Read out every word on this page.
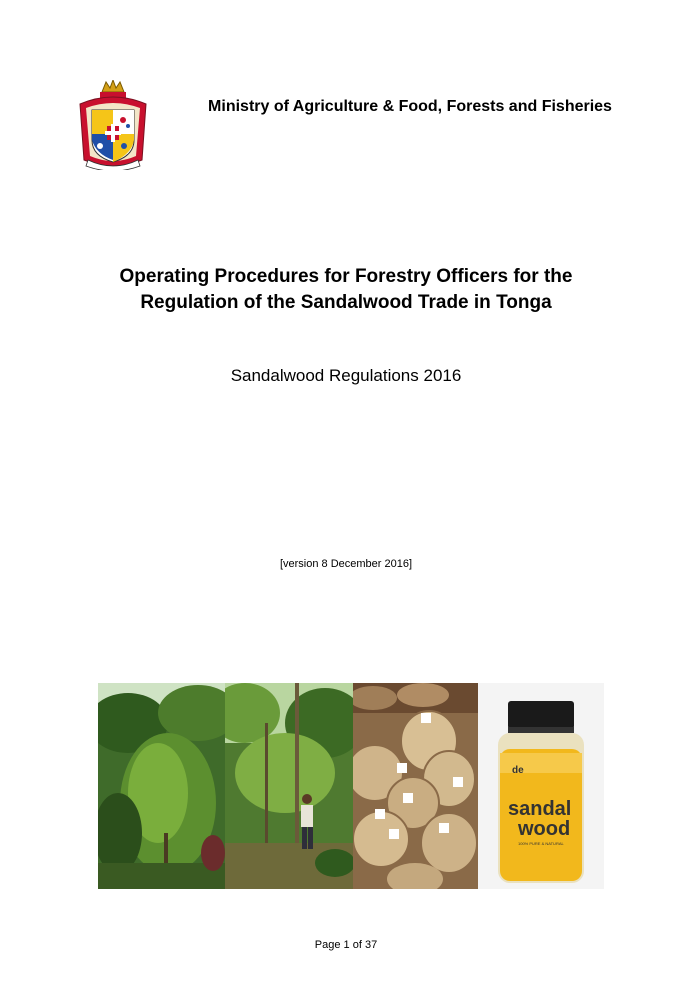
Ministry of Agriculture & Food, Forests and Fisheries
Operating Procedures for Forestry Officers for the
Regulation of the Sandalwood Trade in Tonga
Sandalwood Regulations 2016
[version 8 December 2016]
de
sandal
wood
100% PURE & NATURAL
Page 1 of 37
